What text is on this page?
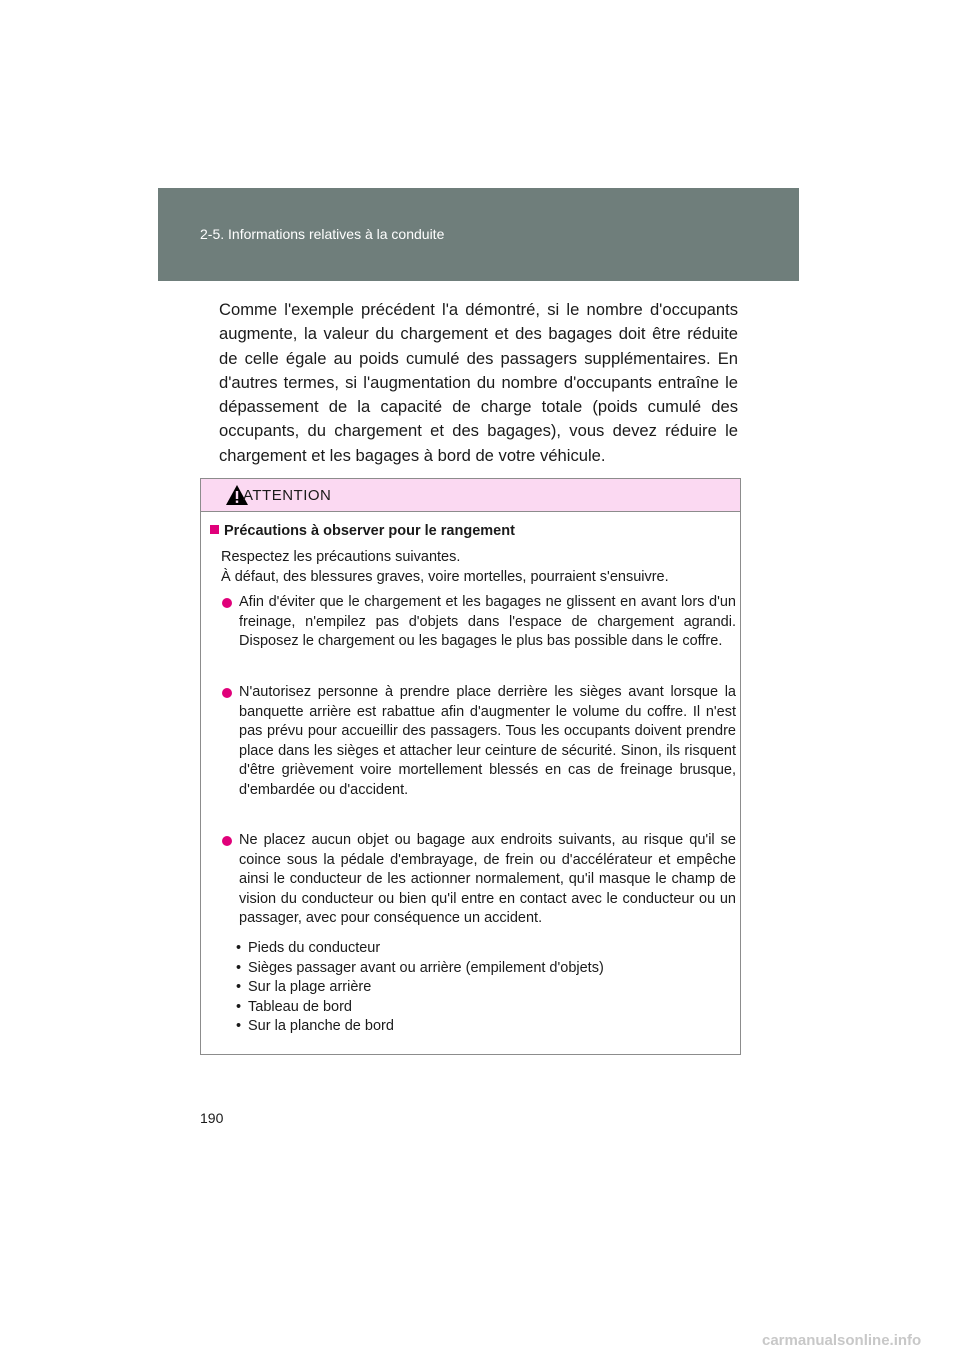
2-5. Informations relatives à la conduite

Comme l'exemple précédent l'a démontré, si le nombre d'occupants augmente, la valeur du chargement et des bagages doit être réduite de celle égale au poids cumulé des passagers supplémentaires. En d'autres termes, si l'augmentation du nombre d'occupants entraîne le dépassement de la capacité de charge totale (poids cumulé des occupants, du chargement et des bagages), vous devez réduire le chargement et les bagages à bord de votre véhicule.

ATTENTION
Précautions à observer pour le rangement

Respectez les précautions suivantes.
À défaut, des blessures graves, voire mortelles, pourraient s'ensuivre.

Afin d'éviter que le chargement et les bagages ne glissent en avant lors d'un freinage, n'empilez pas d'objets dans l'espace de chargement agrandi. Disposez le chargement ou les bagages le plus bas possible dans le coffre.
N'autorisez personne à prendre place derrière les sièges avant lorsque la banquette arrière est rabattue afin d'augmenter le volume du coffre. Il n'est pas prévu pour accueillir des passagers. Tous les occupants doivent prendre place dans les sièges et attacher leur ceinture de sécurité. Sinon, ils risquent d'être grièvement voire mortellement blessés en cas de freinage brusque, d'embardée ou d'accident.
Ne placez aucun objet ou bagage aux endroits suivants, au risque qu'il se coince sous la pédale d'embrayage, de frein ou d'accélérateur et empêche ainsi le conducteur de les actionner normalement, qu'il masque le champ de vision du conducteur ou bien qu'il entre en contact avec le conducteur ou un passager, avec pour conséquence un accident.
• Pieds du conducteur
• Sièges passager avant ou arrière (empilement d'objets)
• Sur la plage arrière
• Tableau de bord
• Sur la planche de bord
190
carmanualsonline.info
